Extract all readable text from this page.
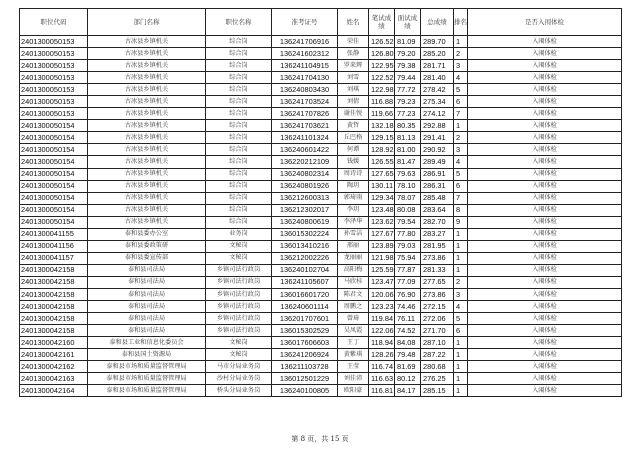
职位代码	部门名称	职位名称	准考证号	姓名	笔试成绩	面试成绩	总成绩	排名	是否入闱体检
2401300050153	古冰县乡镇机关	综合岗	136241706916	荣佳	126.52	81.09	289.70	1	入闱体检
2401300050153	古冰县乡镇机关	综合岗	136241602312	张静	126.80	79.20	285.20	2	入闱体检
2401300050153	古冰县乡镇机关	综合岗	136241104915	罗来辉	122.95	79.38	281.71	3	入闱体检
2401300050153	古冰县乡镇机关	综合岗	136241704130	刘雪	122.52	79.44	281.40	4	入闱体检
2401300050153	古冰县乡镇机关	综合岗	136240803430	刘琪	122.98	77.72	278.42	5	入闱体检
2401300050153	古冰县乡镇机关	综合岗	136241703524	刘倩	116.88	79.23	275.34	6	入闱体检
2401300050153	古冰县乡镇机关	综合岗	136241707826	谢佳悦	119.66	77.23	274.12	7	入闱体检
2401300050154	古冰县乡镇机关	综合岗	136241703621	黄哲	132.18	80.35	292.88	1	入闱体检
2401300050154	古冰县乡镇机关	综合岗	136241101324	丘巴格	129.15	81.13	291.41	2	入闱体检
2401300050154	古冰县乡镇机关	综合岗	136240601422	何谭	128.92	81.00	290.92	3	入闱体检
2401300050154	古冰县乡镇机关	综合岗	136220212109	钱媛	126.55	81.47	289.49	4	入闱体检
2401300050154	古冰县乡镇机关	综合岗	136240802314	周诗诗	127.65	79.63	286.91	5	入闱体检
2401300050154	古冰县乡镇机关	综合岗	136240801926	陶玥	130.11	78.10	286.31	6	入闱体检
2401300050154	古冰县乡镇机关	综合岗	136212600313	郭琦雨	129.34	78.07	285.48	7	入闱体检
2401300050154	古冰县乡镇机关	综合岗	136212302017	李玥	123.48	80.08	283.64	8	入闱体检
2401300050154	古冰县乡镇机关	综合岗	136240800619	李泽华	123.62	79.54	282.70	9	入闱体检
2401300041155	泰和县委办公室	业务岗	136015302224	孙雪洁	127.67	77.80	283.27	1	入闱体检
2401300041156	泰和县委政策研	文秘岗	136013410216	邢丽	123.89	79.03	281.95	1	入闱体检
2401300041157	泰和县委宣传部	文秘岗	136212002226	龙丽丽	121.98	75.94	273.86	1	入闱体检
2401300042158	泰和县司法局	乡镇司法行政岗	136240102704	高阳梅	125.59	77.87	281.33	1	入闱体检
2401300042158	泰和县司法局	乡镇司法行政岗	136241105607	马欣桂	123.47	77.09	277.65	2	入闱体检
2401300042158	泰和县司法局	乡镇司法行政岗	136016601720	陈君文	120.06	76.90	273.86	3	入闱体检
2401300042158	泰和县司法局	乡镇司法行政岗	136240601114	周鹏之	123.23	74.46	272.15	4	入闱体检
2401300042158	泰和县司法局	乡镇司法行政岗	136201707601	曾琦	119.84	76.11	272.06	5	入闱体检
2401300042158	泰和县司法局	乡镇司法行政岗	136015302529	吴凤霞	122.06	74.52	271.70	6	入闱体检
2401300042160	泰和县工业和信息化委员会	文秘岗	136017606603	王丁	118.94	84.08	287.10	1	入闱体检
2401300042161	泰和县国土资源局	文秘岗	136241206924	黄紫琪	128.26	79.48	287.22	1	入闱体检
2401300042162	泰和县市场和质量监督管理局	马市分局业务岗	136211103728	王莹	116.74	81.69	280.68	1	入闱体检
2401300042163	泰和县市场和质量监督管理局	沙村分局业务岗	136012501229	刘佳沛	116.63	80.12	276.25	1	入闱体检
2401300042164	泰和县市场和质量监督管理局	桥头分局业务岗	136240100805	欧阳豪	116.81	84.17	285.15	1	入闱体检
第 8 页，共 15 页
